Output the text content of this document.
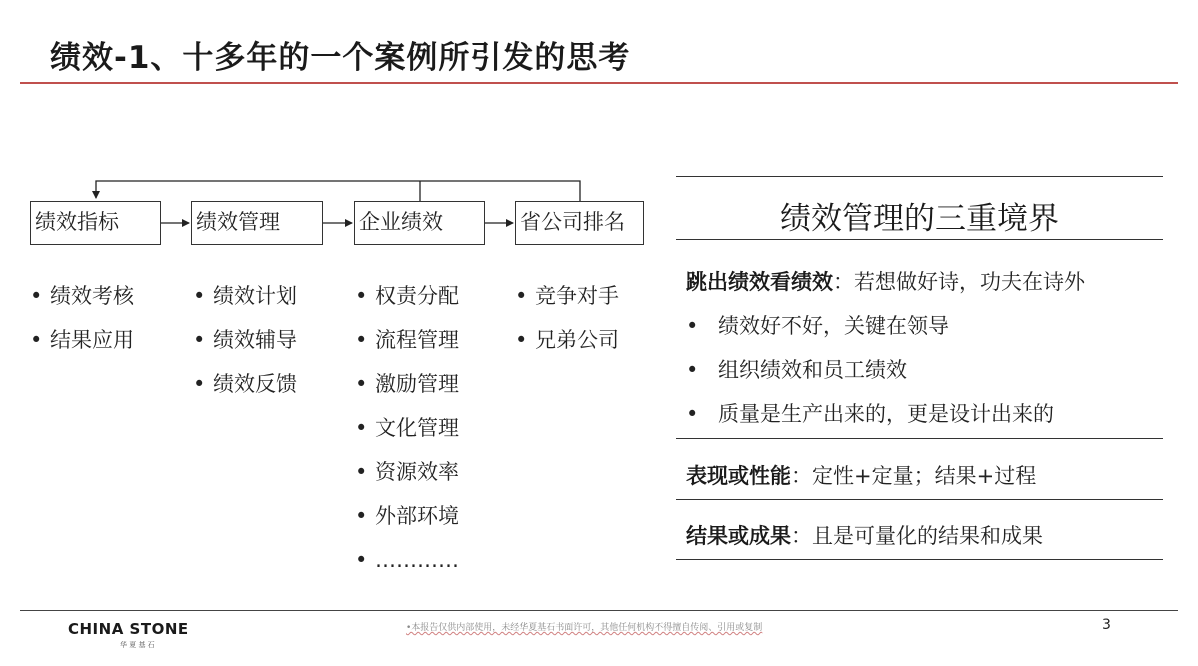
绩效-1、十多年的一个案例所引发的思考
绩效指标	绩效管理	企业绩效	省公司排名
• 绩效考核
• 结果应用
• 绩效计划
• 绩效辅导
• 绩效反馈
• 权责分配
• 流程管理
• 激励管理
• 文化管理
• 资源效率
• 外部环境
• …………
• 竞争对手
• 兄弟公司
绩效管理的三重境界
跳出绩效看绩效：若想做好诗，功夫在诗外
• 绩效好不好，关键在领导
• 组织绩效和员工绩效
• 质量是生产出来的，更是设计出来的
表现或性能：定性+定量；结果+过程
结果或成果：且是可量化的结果和成果
CHINA STONE
华 夏 基 石
•本报告仅供内部使用，未经华夏基石书面许可，其他任何机构不得擅自传阅、引用或复制	3
